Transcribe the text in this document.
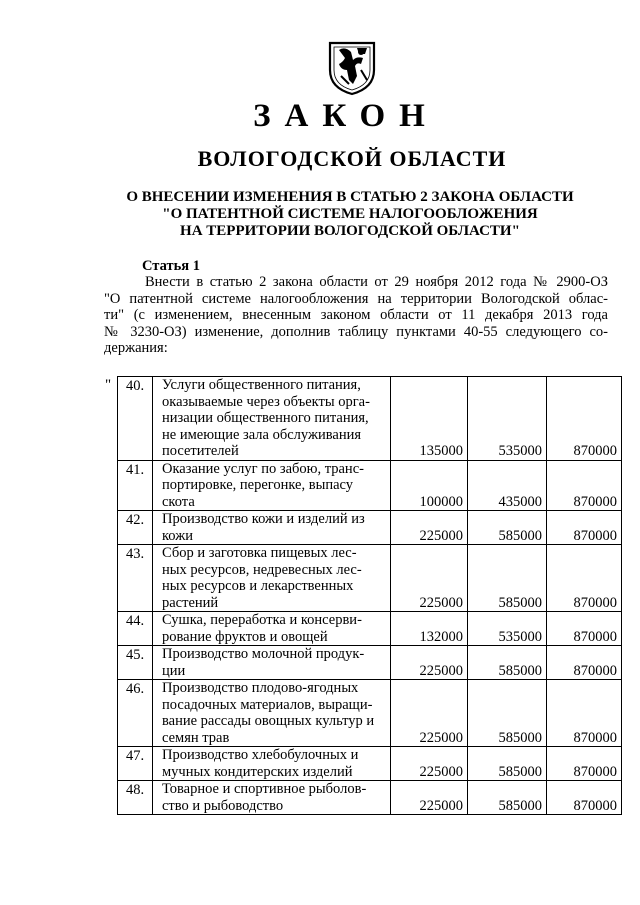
ЗАКОН
ВОЛОГОДСКОЙ ОБЛАСТИ
О ВНЕСЕНИИ ИЗМЕНЕНИЯ В СТАТЬЮ 2 ЗАКОНА ОБЛАСТИ
"О ПАТЕНТНОЙ СИСТЕМЕ НАЛОГООБЛОЖЕНИЯ
НА ТЕРРИТОРИИ ВОЛОГОДСКОЙ ОБЛАСТИ"
Статья 1
Внести в статью 2 закона области от 29 ноября 2012 года № 2900-ОЗ
"О патентной системе налогообложения на территории Вологодской облас-
ти" (с изменением, внесенным законом области от 11 декабря 2013 года
№ 3230-ОЗ) изменение, дополнив таблицу пунктами 40-55 следующего со-
держания:
" 40.	Услуги общественного питания,
оказываемые через объекты орга-
низации общественного питания,
не имеющие зала обслуживания
посетителей	135000	535000	870000
41.	Оказание услуг по забою, транс-
портировке, перегонке, выпасу
скота	100000	435000	870000
42.	Производство кожи и изделий из
кожи	225000	585000	870000
43.	Сбор и заготовка пищевых лес-
ных ресурсов, недревесных лес-
ных ресурсов и лекарственных
растений	225000	585000	870000
44.	Сушка, переработка и консерви-
рование фруктов и овощей	132000	535000	870000
45.	Производство молочной продук-
ции	225000	585000	870000
46.	Производство плодово-ягодных
посадочных материалов, выращи-
вание рассады овощных культур и
семян трав	225000	585000	870000
47.	Производство хлебобулочных и
мучных кондитерских изделий	225000	585000	870000
48.	Товарное и спортивное рыболов-
ство и рыбоводство	225000	585000	870000
